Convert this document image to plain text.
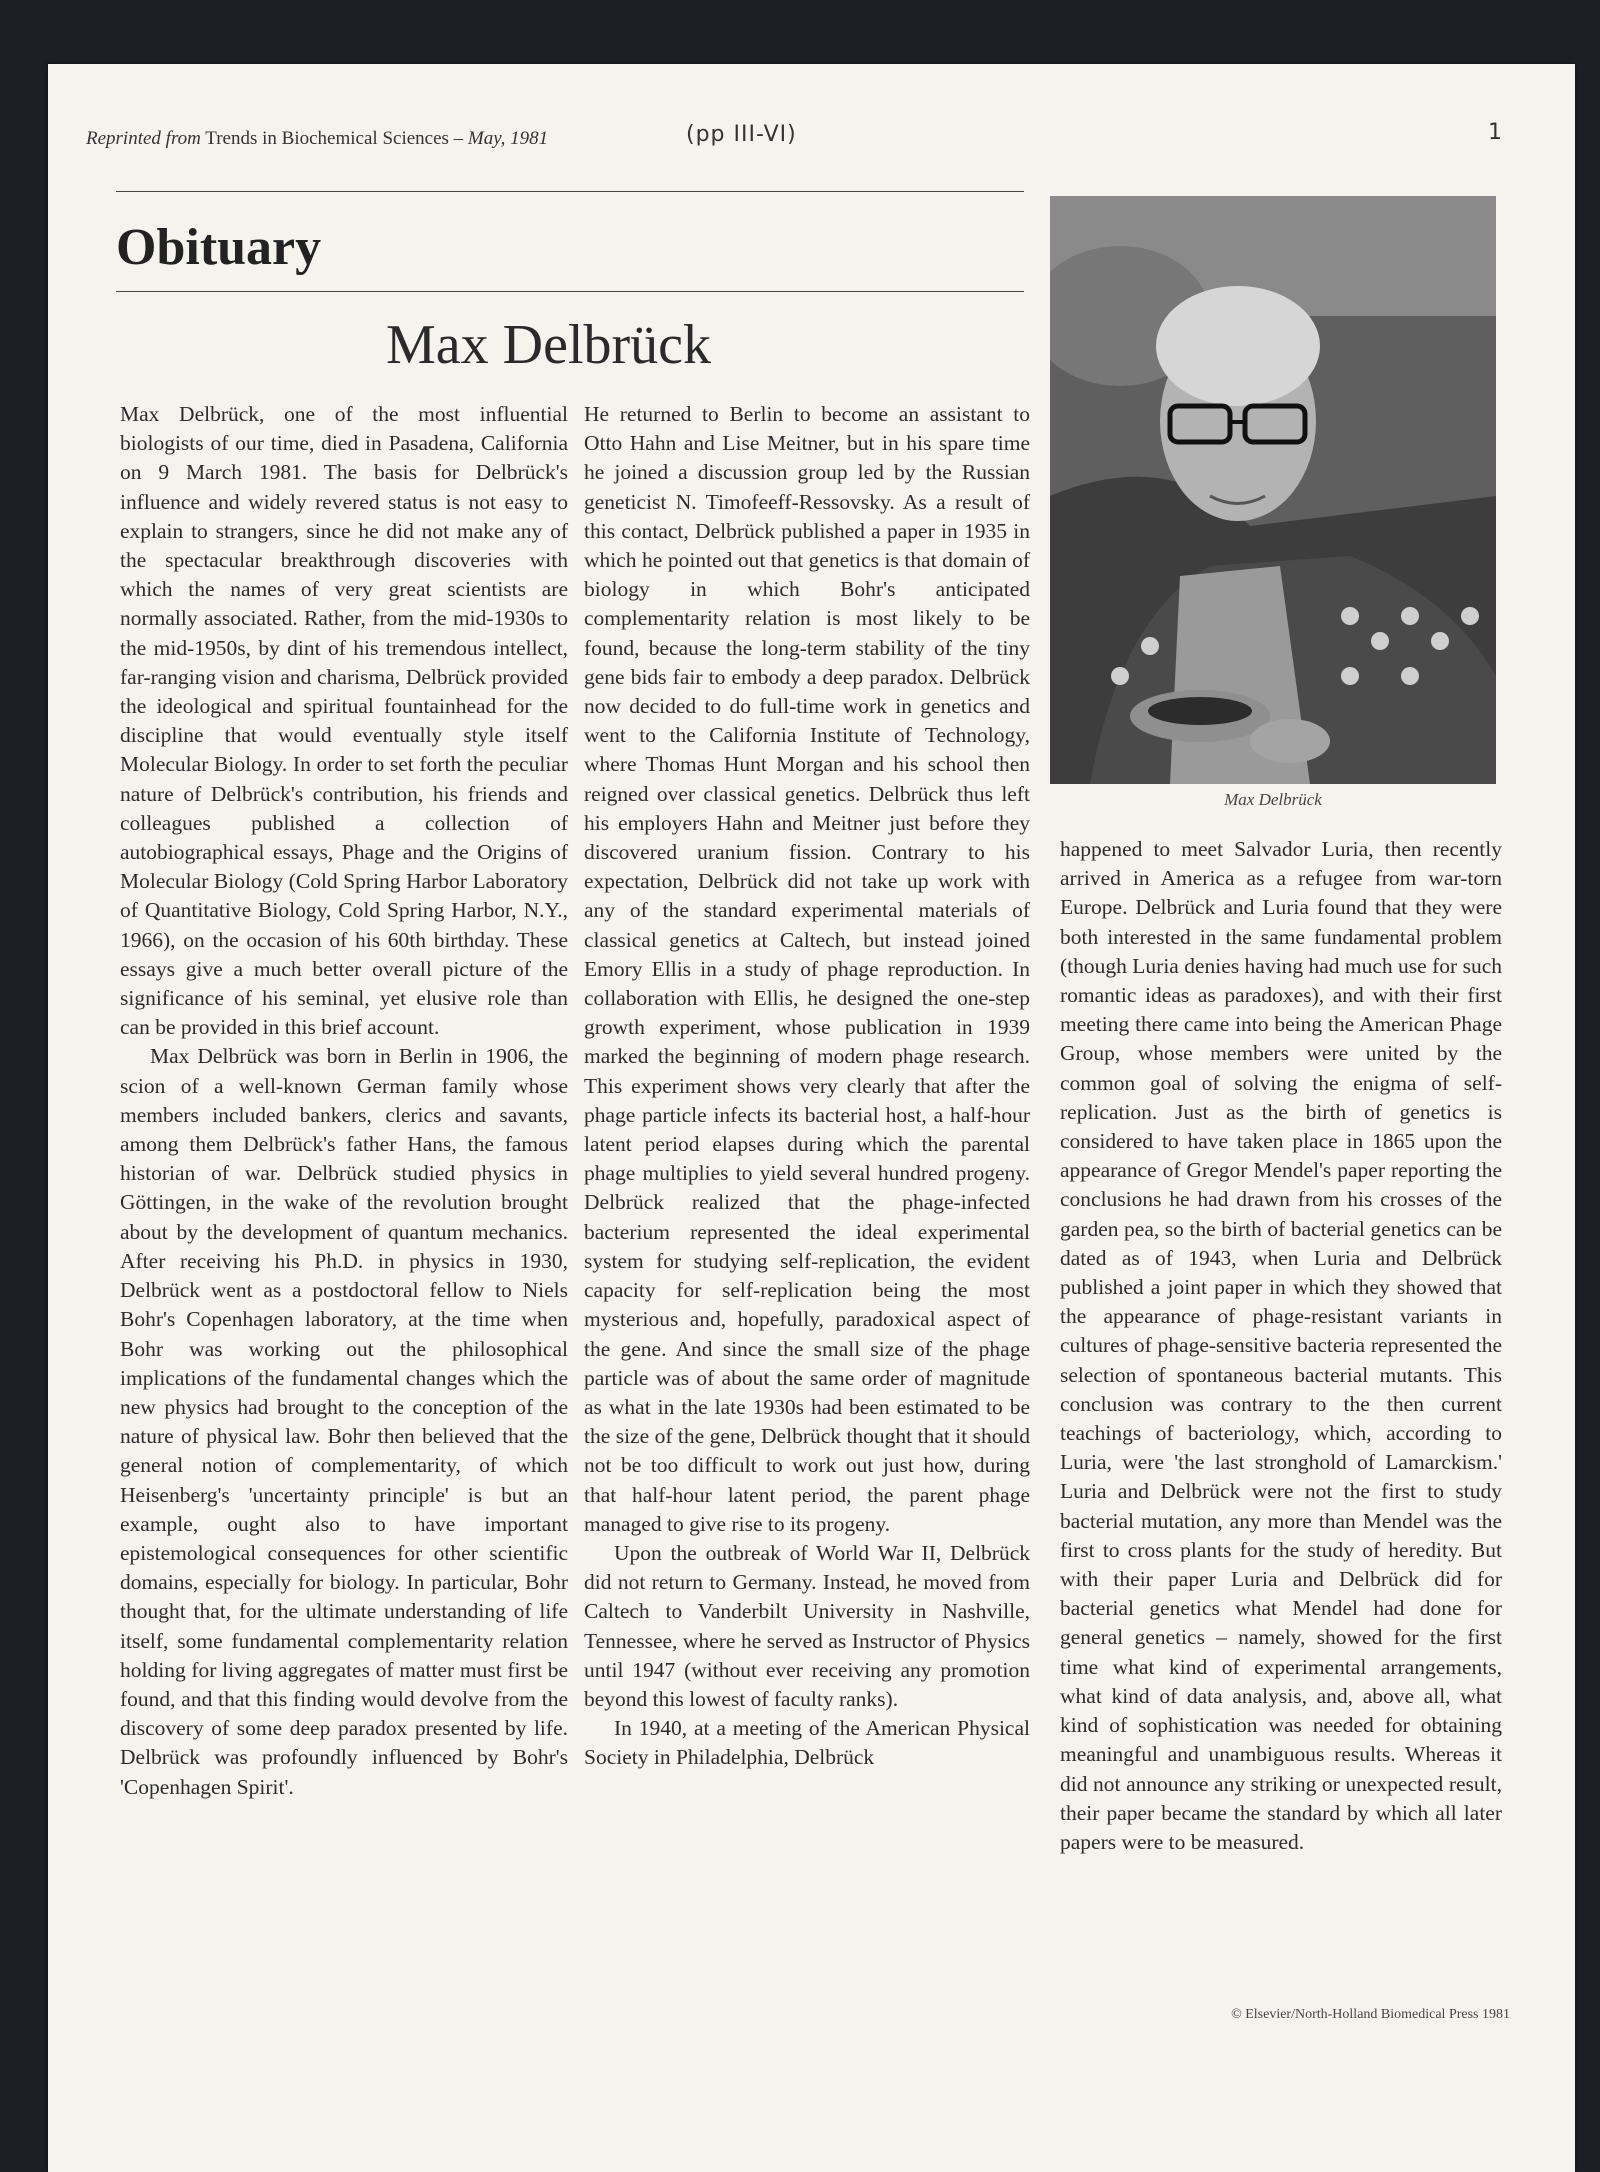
Reprinted from Trends in Biochemical Sciences – May, 1981	(pp III-VI)	1
Obituary
Max Delbrück
Max Delbrück

Max Delbrück, one of the most influential biologists of our time, died in Pasadena, California on 9 March 1981. The basis for Delbrück's influence and widely revered status is not easy to explain to strangers, since he did not make any of the spectacular breakthrough discoveries with which the names of very great scientists are normally associated. Rather, from the mid-1930s to the mid-1950s, by dint of his tremendous intellect, far-ranging vision and charisma, Delbrück provided the ideological and spiritual fountainhead for the discipline that would eventually style itself Molecular Biology. In order to set forth the peculiar nature of Delbrück's contribution, his friends and colleagues published a collection of autobiographical essays, Phage and the Origins of Molecular Biology (Cold Spring Harbor Laboratory of Quantitative Biology, Cold Spring Harbor, N.Y., 1966), on the occasion of his 60th birthday. These essays give a much better overall picture of the significance of his seminal, yet elusive role than can be provided in this brief account.

Max Delbrück was born in Berlin in 1906, the scion of a well-known German family whose members included bankers, clerics and savants, among them Delbrück's father Hans, the famous historian of war. Delbrück studied physics in Göttingen, in the wake of the revolution brought about by the development of quantum mechanics. After receiving his Ph.D. in physics in 1930, Delbrück went as a postdoctoral fellow to Niels Bohr's Copenhagen laboratory, at the time when Bohr was working out the philosophical implications of the fundamental changes which the new physics had brought to the conception of the nature of physical law. Bohr then believed that the general notion of complementarity, of which Heisenberg's 'uncertainty principle' is but an example, ought also to have important epistemological consequences for other scientific domains, especially for biology. In particular, Bohr thought that, for the ultimate understanding of life itself, some fundamental complementarity relation holding for living aggregates of matter must first be found, and that this finding would devolve from the discovery of some deep paradox presented by life. Delbrück was profoundly influenced by Bohr's 'Copenhagen Spirit'.

He returned to Berlin to become an assistant to Otto Hahn and Lise Meitner, but in his spare time he joined a discussion group led by the Russian geneticist N. Timofeeff-Ressovsky. As a result of this contact, Delbrück published a paper in 1935 in which he pointed out that genetics is that domain of biology in which Bohr's anticipated complementarity relation is most likely to be found, because the long-term stability of the tiny gene bids fair to embody a deep paradox. Delbrück now decided to do full-time work in genetics and went to the California Institute of Technology, where Thomas Hunt Morgan and his school then reigned over classical genetics. Delbrück thus left his employers Hahn and Meitner just before they discovered uranium fission. Contrary to his expectation, Delbrück did not take up work with any of the standard experimental materials of classical genetics at Caltech, but instead joined Emory Ellis in a study of phage reproduction. In collaboration with Ellis, he designed the one-step growth experiment, whose publication in 1939 marked the beginning of modern phage research. This experiment shows very clearly that after the phage particle infects its bacterial host, a half-hour latent period elapses during which the parental phage multiplies to yield several hundred progeny. Delbrück realized that the phage-infected bacterium represented the ideal experimental system for studying self-replication, the evident capacity for self-replication being the most mysterious and, hopefully, paradoxical aspect of the gene. And since the small size of the phage particle was of about the same order of magnitude as what in the late 1930s had been estimated to be the size of the gene, Delbrück thought that it should not be too difficult to work out just how, during that half-hour latent period, the parent phage managed to give rise to its progeny.

Upon the outbreak of World War II, Delbrück did not return to Germany. Instead, he moved from Caltech to Vanderbilt University in Nashville, Tennessee, where he served as Instructor of Physics until 1947 (without ever receiving any promotion beyond this lowest of faculty ranks).

In 1940, at a meeting of the American Physical Society in Philadelphia, Delbrück

happened to meet Salvador Luria, then recently arrived in America as a refugee from war-torn Europe. Delbrück and Luria found that they were both interested in the same fundamental problem (though Luria denies having had much use for such romantic ideas as paradoxes), and with their first meeting there came into being the American Phage Group, whose members were united by the common goal of solving the enigma of self-replication. Just as the birth of genetics is considered to have taken place in 1865 upon the appearance of Gregor Mendel's paper reporting the conclusions he had drawn from his crosses of the garden pea, so the birth of bacterial genetics can be dated as of 1943, when Luria and Delbrück published a joint paper in which they showed that the appearance of phage-resistant variants in cultures of phage-sensitive bacteria represented the selection of spontaneous bacterial mutants. This conclusion was contrary to the then current teachings of bacteriology, which, according to Luria, were 'the last stronghold of Lamarckism.' Luria and Delbrück were not the first to study bacterial mutation, any more than Mendel was the first to cross plants for the study of heredity. But with their paper Luria and Delbrück did for bacterial genetics what Mendel had done for general genetics – namely, showed for the first time what kind of experimental arrangements, what kind of data analysis, and, above all, what kind of sophistication was needed for obtaining meaningful and unambiguous results. Whereas it did not announce any striking or unexpected result, their paper became the standard by which all later papers were to be measured.

© Elsevier/North-Holland Biomedical Press 1981
